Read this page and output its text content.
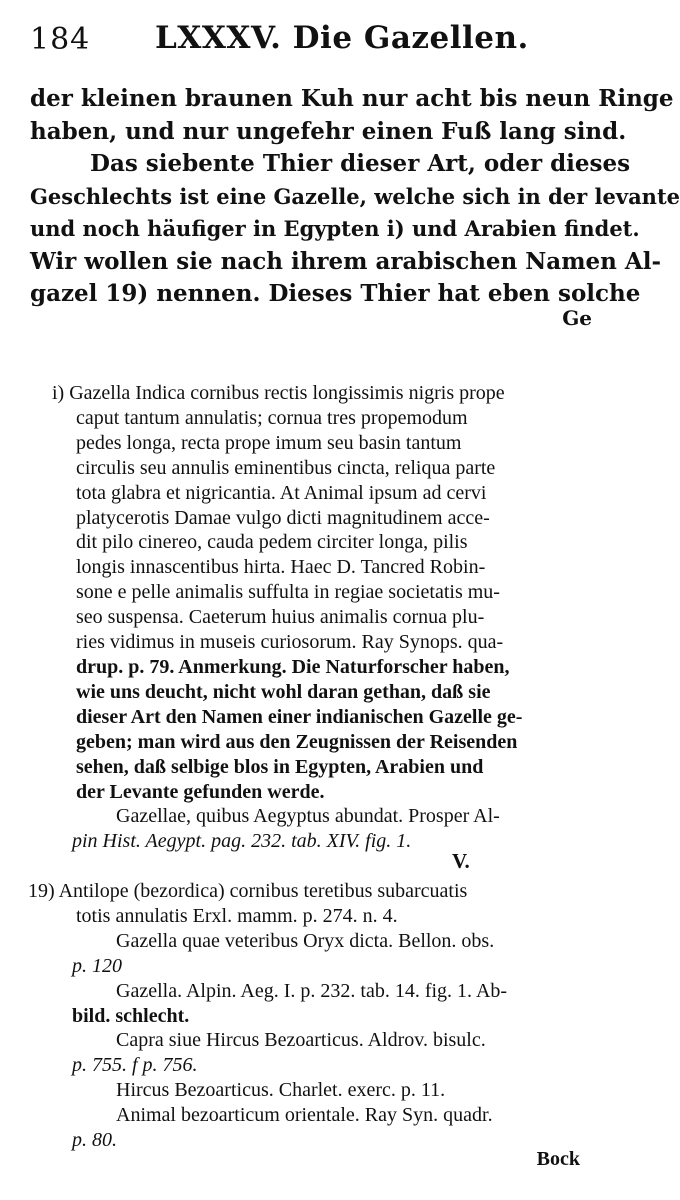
184 LXXXV. Die Gazellen.
der kleinen braunen Kuh nur acht bis neun Ringe
haben, und nur ungefehr einen Fuß lang sind.
Das siebente Thier dieser Art, oder dieses
Geschlechts ist eine Gazelle, welche sich in der levante
und noch häufiger in Egypten i) und Arabien findet.
Wir wollen sie nach ihrem arabischen Namen Al-
gazel 19) nennen. Dieses Thier hat eben solche
Ge
i) Gazella Indica cornibus rectis longissimis nigris prope
caput tantum annulatis; cornua tres propemodum
pedes longa, recta prope imum seu basin tantum
circulis seu annulis eminentibus cincta, reliqua parte
tota glabra et nigricantia. At Animal ipsum ad cervi
platycerotis Damae vulgo dicti magnitudinem acce-
dit pilo cinereo, cauda pedem circiter longa, pilis
longis innascentibus hirta. Haec D. Tancred Robin-
sone e pelle animalis suffulta in regiae societatis mu-
seo suspensa. Caeterum huius animalis cornua plu-
ries vidimus in museis curiosorum. Ray Synops. qua-
drup. p. 79. Anmerkung. Die Naturforscher haben,
wie uns deucht, nicht wohl daran gethan, daß sie
dieser Art den Namen einer indianischen Gazelle ge-
geben; man wird aus den Zeugnissen der Reisenden
sehen, daß selbige blos in Egypten, Arabien und
der Levante gefunden werde.
Gazellae, quibus Aegyptus abundat. Prosper Al-
pin Hist. Aegypt. pag. 232. tab. XIV. fig. 1.
V.
19) Antilope (bezordica) cornibus teretibus subarcuatis
totis annulatis Erxl. mamm. p. 274. n. 4.
Gazella quae veteribus Oryx dicta. Bellon. obs.
p. 120
Gazella. Alpin. Aeg. I. p. 232. tab. 14. fig. 1. Ab-
bild. schlecht.
Capra siue Hircus Bezoarticus. Aldrov. bisulc.
p. 755. f p. 756.
Hircus Bezoarticus. Charlet. exerc. p. 11.
Animal bezoarticum orientale. Ray Syn. quadr.
p. 80.
Bock
